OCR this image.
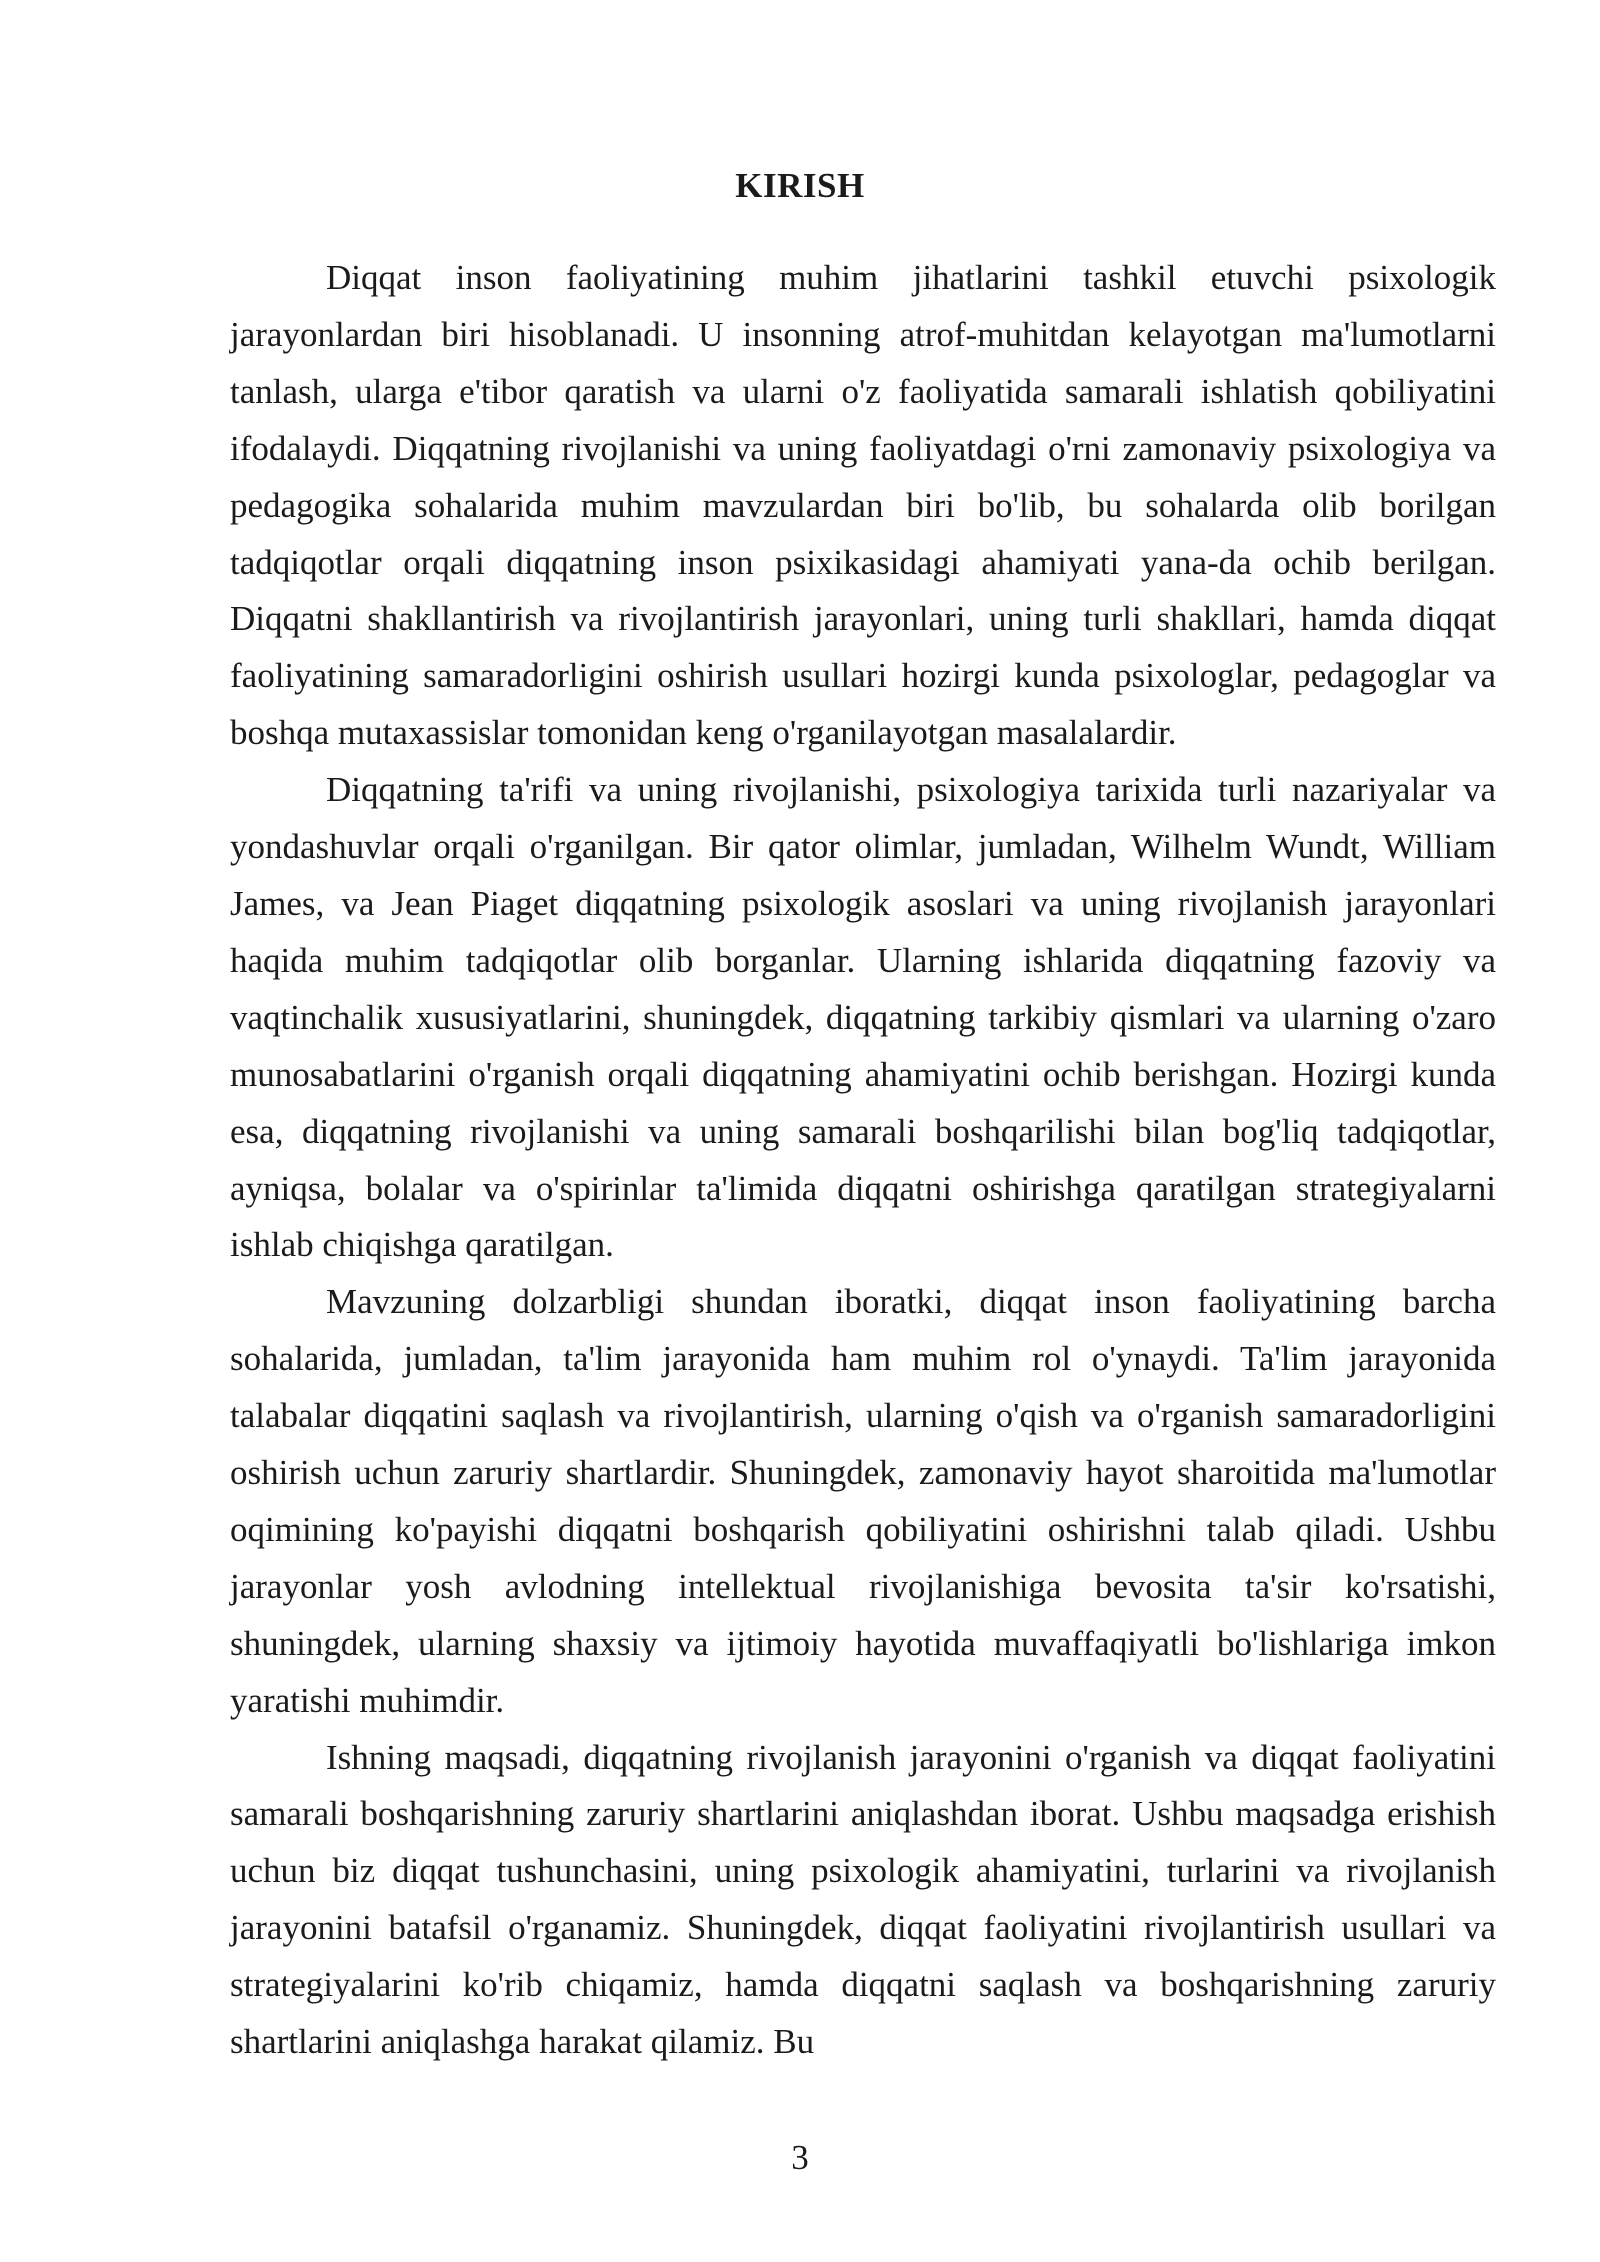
KIRISH

Diqqat inson faoliyatining muhim jihatlarini tashkil etuvchi psixologik jarayonlardan biri hisoblanadi. U insonning atrof-muhitdan kelayotgan ma'lumotlarni tanlash, ularga e'tibor qaratish va ularni o'z faoliyatida samarali ishlatish qobiliyatini ifodalaydi. Diqqatning rivojlanishi va uning faoliyatdagi o'rni zamonaviy psixologiya va pedagogika sohalarida muhim mavzulardan biri bo'lib, bu sohalarda olib borilgan tadqiqotlar orqali diqqatning inson psixikasidagi ahamiyati yana-da ochib berilgan. Diqqatni shakllantirish va rivojlantirish jarayonlari, uning turli shakllari, hamda diqqat faoliyatining samaradorligini oshirish usullari hozirgi kunda psixologlar, pedagoglar va boshqa mutaxassislar tomonidan keng o'rganilayotgan masalalardir.

Diqqatning ta'rifi va uning rivojlanishi, psixologiya tarixida turli nazariyalar va yondashuvlar orqali o'rganilgan. Bir qator olimlar, jumladan, Wilhelm Wundt, William James, va Jean Piaget diqqatning psixologik asoslari va uning rivojlanish jarayonlari haqida muhim tadqiqotlar olib borganlar. Ularning ishlarida diqqatning fazoviy va vaqtinchalik xususiyatlarini, shuningdek, diqqatning tarkibiy qismlari va ularning o'zaro munosabatlarini o'rganish orqali diqqatning ahamiyatini ochib berishgan. Hozirgi kunda esa, diqqatning rivojlanishi va uning samarali boshqarilishi bilan bog'liq tadqiqotlar, ayniqsa, bolalar va o'spirinlar ta'limida diqqatni oshirishga qaratilgan strategiyalarni ishlab chiqishga qaratilgan.

Mavzuning dolzarbligi shundan iboratki, diqqat inson faoliyatining barcha sohalarida, jumladan, ta'lim jarayonida ham muhim rol o'ynaydi. Ta'lim jarayonida talabalar diqqatini saqlash va rivojlantirish, ularning o'qish va o'rganish samaradorligini oshirish uchun zaruriy shartlardir. Shuningdek, zamonaviy hayot sharoitida ma'lumotlar oqimining ko'payishi diqqatni boshqarish qobiliyatini oshirishni talab qiladi. Ushbu jarayonlar yosh avlodning intellektual rivojlanishiga bevosita ta'sir ko'rsatishi, shuningdek, ularning shaxsiy va ijtimoiy hayotida muvaffaqiyatli bo'lishlariga imkon yaratishi muhimdir.

Ishning maqsadi, diqqatning rivojlanish jarayonini o'rganish va diqqat faoliyatini samarali boshqarishning zaruriy shartlarini aniqlashdan iborat. Ushbu maqsadga erishish uchun biz diqqat tushunchasini, uning psixologik ahamiyatini, turlarini va rivojlanish jarayonini batafsil o'rganamiz. Shuningdek, diqqat faoliyatini rivojlantirish usullari va strategiyalarini ko'rib chiqamiz, hamda diqqatni saqlash va boshqarishning zaruriy shartlarini aniqlashga harakat qilamiz. Bu

3
